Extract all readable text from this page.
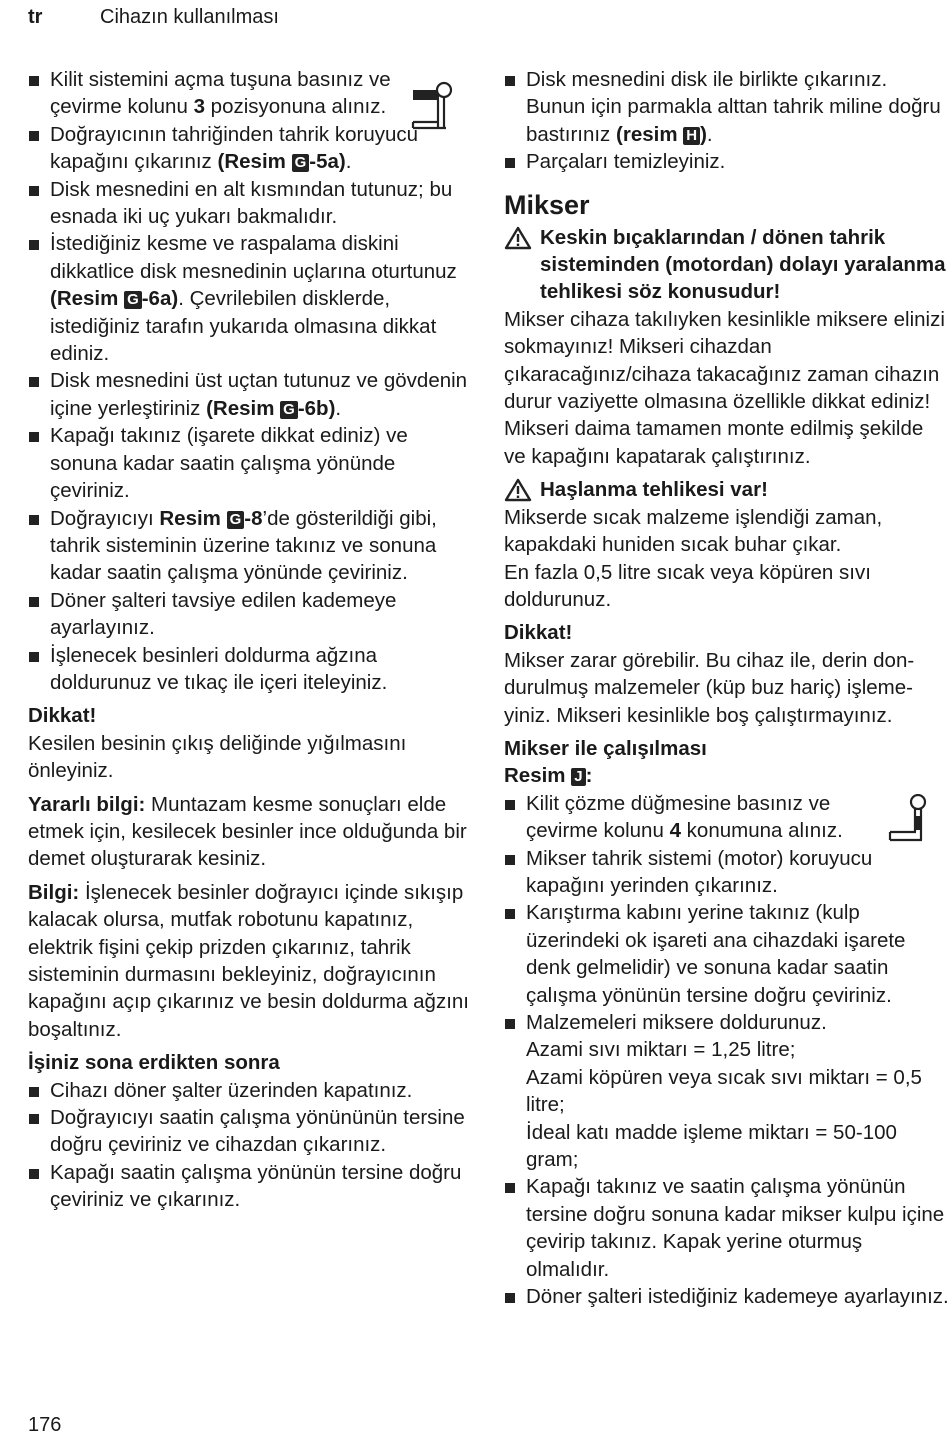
tr	Cihazın kullanılması
Kilit sistemini açma tuşuna basınız ve çevirme kolunu 3 pozisyonuna alınız.
Doğrayıcının tahriğinden tahrik koruyucu kapağını çıkarınız (Resim G -5a).
Disk mesnedini en alt kısmından tutunuz; bu esnada iki uç yukarı bakmalıdır.
İstediğiniz kesme ve raspalama diskini dikkatlice disk mesnedinin uçlarına oturtunuz (Resim G -6a). Çevrilebilen disklerde, istediğiniz tarafın yukarıda olmasına dikkat ediniz.
Disk mesnedini üst uçtan tutunuz ve gövdenin içine yerleştiriniz (Resim G -6b).
Kapağı takınız (işarete dikkat ediniz) ve sonuna kadar saatin çalışma yönünde çeviriniz.
Doğrayıcıyı Resim G -8’de gösterildiği gibi, tahrik sisteminin üzerine takınız ve sonuna kadar saatin çalışma yönünde çeviriniz.
Döner şalteri tavsiye edilen kademeye ayarlayınız.
İşlenecek besinleri doldurma ağzına doldurunuz ve tıkaç ile içeri iteleyiniz.
Dikkat!
Kesilen besinin çıkış deliğinde yığılmasını önleyiniz.
Yararlı bilgi: Muntazam kesme sonuçları elde etmek için, kesilecek besinler ince olduğunda bir demet oluşturarak kesiniz.
Bilgi: İşlenecek besinler doğrayıcı içinde sıkışıp kalacak olursa, mutfak robotunu kapatınız, elektrik fişini çekip prizden çıkarınız, tahrik sisteminin durmasını bekleyiniz, doğrayıcının kapağını açıp çıkarınız ve besin doldurma ağzını boşaltınız.
İşiniz sona erdikten sonra
Cihazı döner şalter üzerinden kapatınız.
Doğrayıcıyı saatin çalışma yönününün tersine doğru çeviriniz ve cihazdan çıkarınız.
Kapağı saatin çalışma yönünün tersine doğru çeviriniz ve çıkarınız.
Disk mesnedini disk ile birlikte çıkarınız. Bunun için parmakla alttan tahrik miline doğru bastırınız (resim H ).
Parçaları temizleyiniz.
Mikser
Keskin bıçaklarından / dönen tahrik sisteminden (motordan) dolayı yaralanma tehlikesi söz konusudur!
Mikser cihaza takılıyken kesinlikle miksere elinizi sokmayınız! Mikseri cihazdan çıkaracağınız/cihaza takacağınız zaman cihazın durur vaziyette olmasına özellikle dikkat ediniz! Mikseri daima tamamen monte edilmiş şekilde ve kapağını kapatarak çalıştırınız.
Haşlanma tehlikesi var!
Mikserde sıcak malzeme işlendiği zaman, kapakdaki huniden sıcak buhar çıkar.
En fazla 0,5 litre sıcak veya köpüren sıvı doldurunuz.
Dikkat!
Mikser zarar görebilir. Bu cihaz ile, derin dondurulmuş malzemeler (küp buz hariç) işlemeyiniz. Mikseri kesinlikle boş çalıştırmayınız.
Mikser ile çalışılması
Resim J :
Kilit çözme düğmesine basınız ve çevirme kolunu 4 konumuna alınız.
Mikser tahrik sistemi (motor) koruyucu kapağını yerinden çıkarınız.
Karıştırma kabını yerine takınız (kulp üzerindeki ok işareti ana cihazdaki işarete denk gelmelidir) ve sonuna kadar saatin çalışma yönünün tersine doğru çeviriniz.
Malzemeleri miksere doldurunuz.
Azami sıvı miktarı = 1,25 litre;
Azami köpüren veya sıcak sıvı miktarı = 0,5 litre;
İdeal katı madde işleme miktarı = 50-100 gram;
Kapağı takınız ve saatin çalışma yönünün tersine doğru sonuna kadar mikser kulpu içine çevirip takınız. Kapak yerine oturmuş olmalıdır.
Döner şalteri istediğiniz kademeye ayarlayınız.
176
